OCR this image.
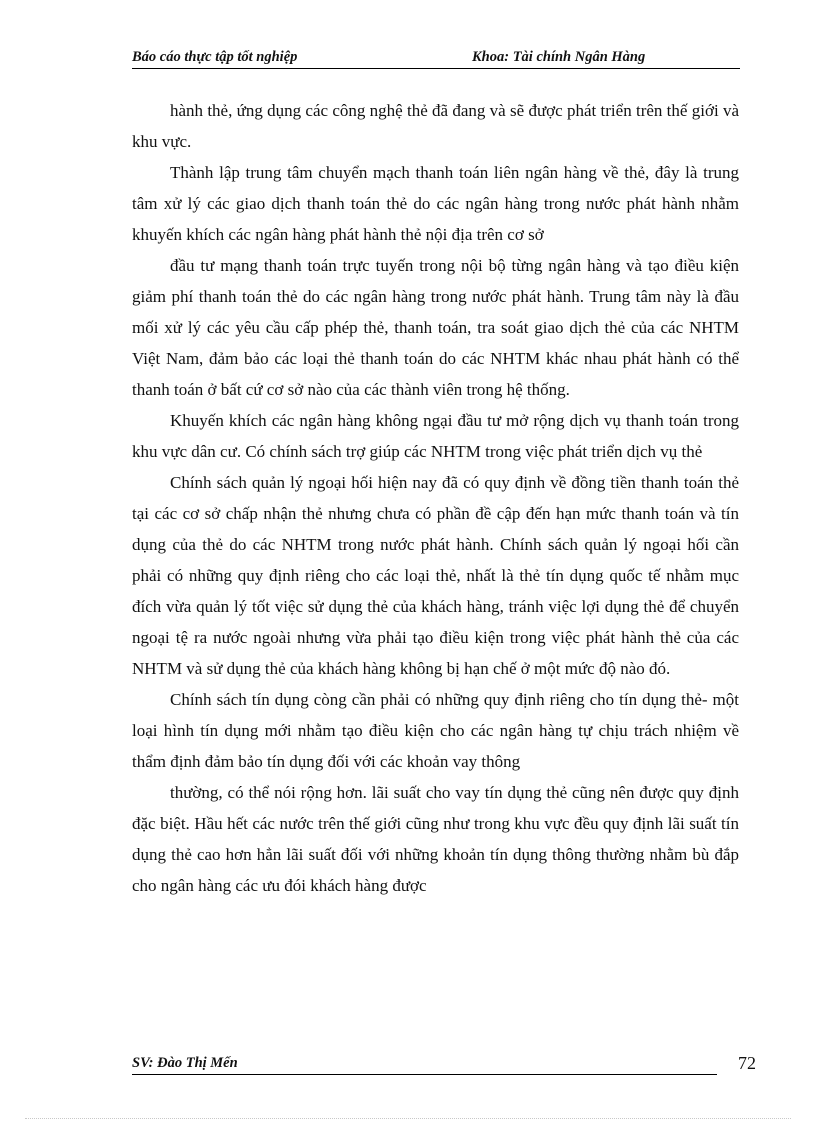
Báo cáo thực tập tốt nghiệp	Khoa: Tài chính Ngân Hàng

hành thẻ, ứng dụng các công nghệ thẻ đã đang và sẽ được phát triển trên thế giới và khu vực.

Thành lập trung tâm chuyển mạch thanh toán liên ngân hàng về thẻ, đây là trung tâm xử lý các giao dịch thanh toán thẻ do các ngân hàng trong nước phát hành nhằm khuyến khích các ngân hàng phát hành thẻ nội địa trên cơ sở

đầu tư mạng thanh toán trực tuyến trong nội bộ từng ngân hàng và tạo điều kiện giảm phí thanh toán thẻ do các ngân hàng trong nước phát hành. Trung tâm này là đầu mối xử lý các yêu cầu cấp phép thẻ, thanh toán, tra soát giao dịch thẻ của các NHTM Việt Nam, đảm bảo các loại thẻ thanh toán do các NHTM khác nhau phát hành có thể thanh toán ở bất cứ cơ sở nào của các thành viên trong hệ thống.

Khuyến khích các ngân hàng không ngại đầu tư mở rộng dịch vụ thanh toán trong khu vực dân cư. Có chính sách trợ giúp các NHTM trong việc phát triển dịch vụ thẻ

Chính sách quản lý ngoại hối hiện nay đã có quy định về đồng tiền thanh toán thẻ tại các cơ sở chấp nhận thẻ nhưng chưa có phần đề cập đến hạn mức thanh toán và tín dụng của thẻ do các NHTM trong nước phát hành. Chính sách quản lý ngoại hối cần phải có những quy định riêng cho các loại thẻ, nhất là thẻ tín dụng quốc tế nhằm mục đích vừa quản lý tốt việc sử dụng thẻ của khách hàng, tránh việc lợi dụng thẻ để chuyển ngoại tệ ra nước ngoài nhưng vừa phải tạo điều kiện trong việc phát hành thẻ của các NHTM và sử dụng thẻ của khách hàng không bị hạn chế ở một mức độ nào đó.

Chính sách tín dụng còng cần phải có những quy định riêng cho tín dụng thẻ- một loại hình tín dụng mới nhằm tạo điều kiện cho các ngân hàng tự chịu trách nhiệm về thẩm định đảm bảo tín dụng đối với các khoản vay thông

thường, có thể nói rộng hơn. lãi suất cho vay tín dụng thẻ cũng nên được quy định đặc biệt. Hầu hết các nước trên thế giới cũng như trong khu vực đều quy định lãi suất tín dụng thẻ cao hơn hẳn lãi suất đối với những khoản tín dụng thông thường nhằm bù đắp cho ngân hàng các ưu đói khách hàng được

SV: Đào Thị Mến	72
